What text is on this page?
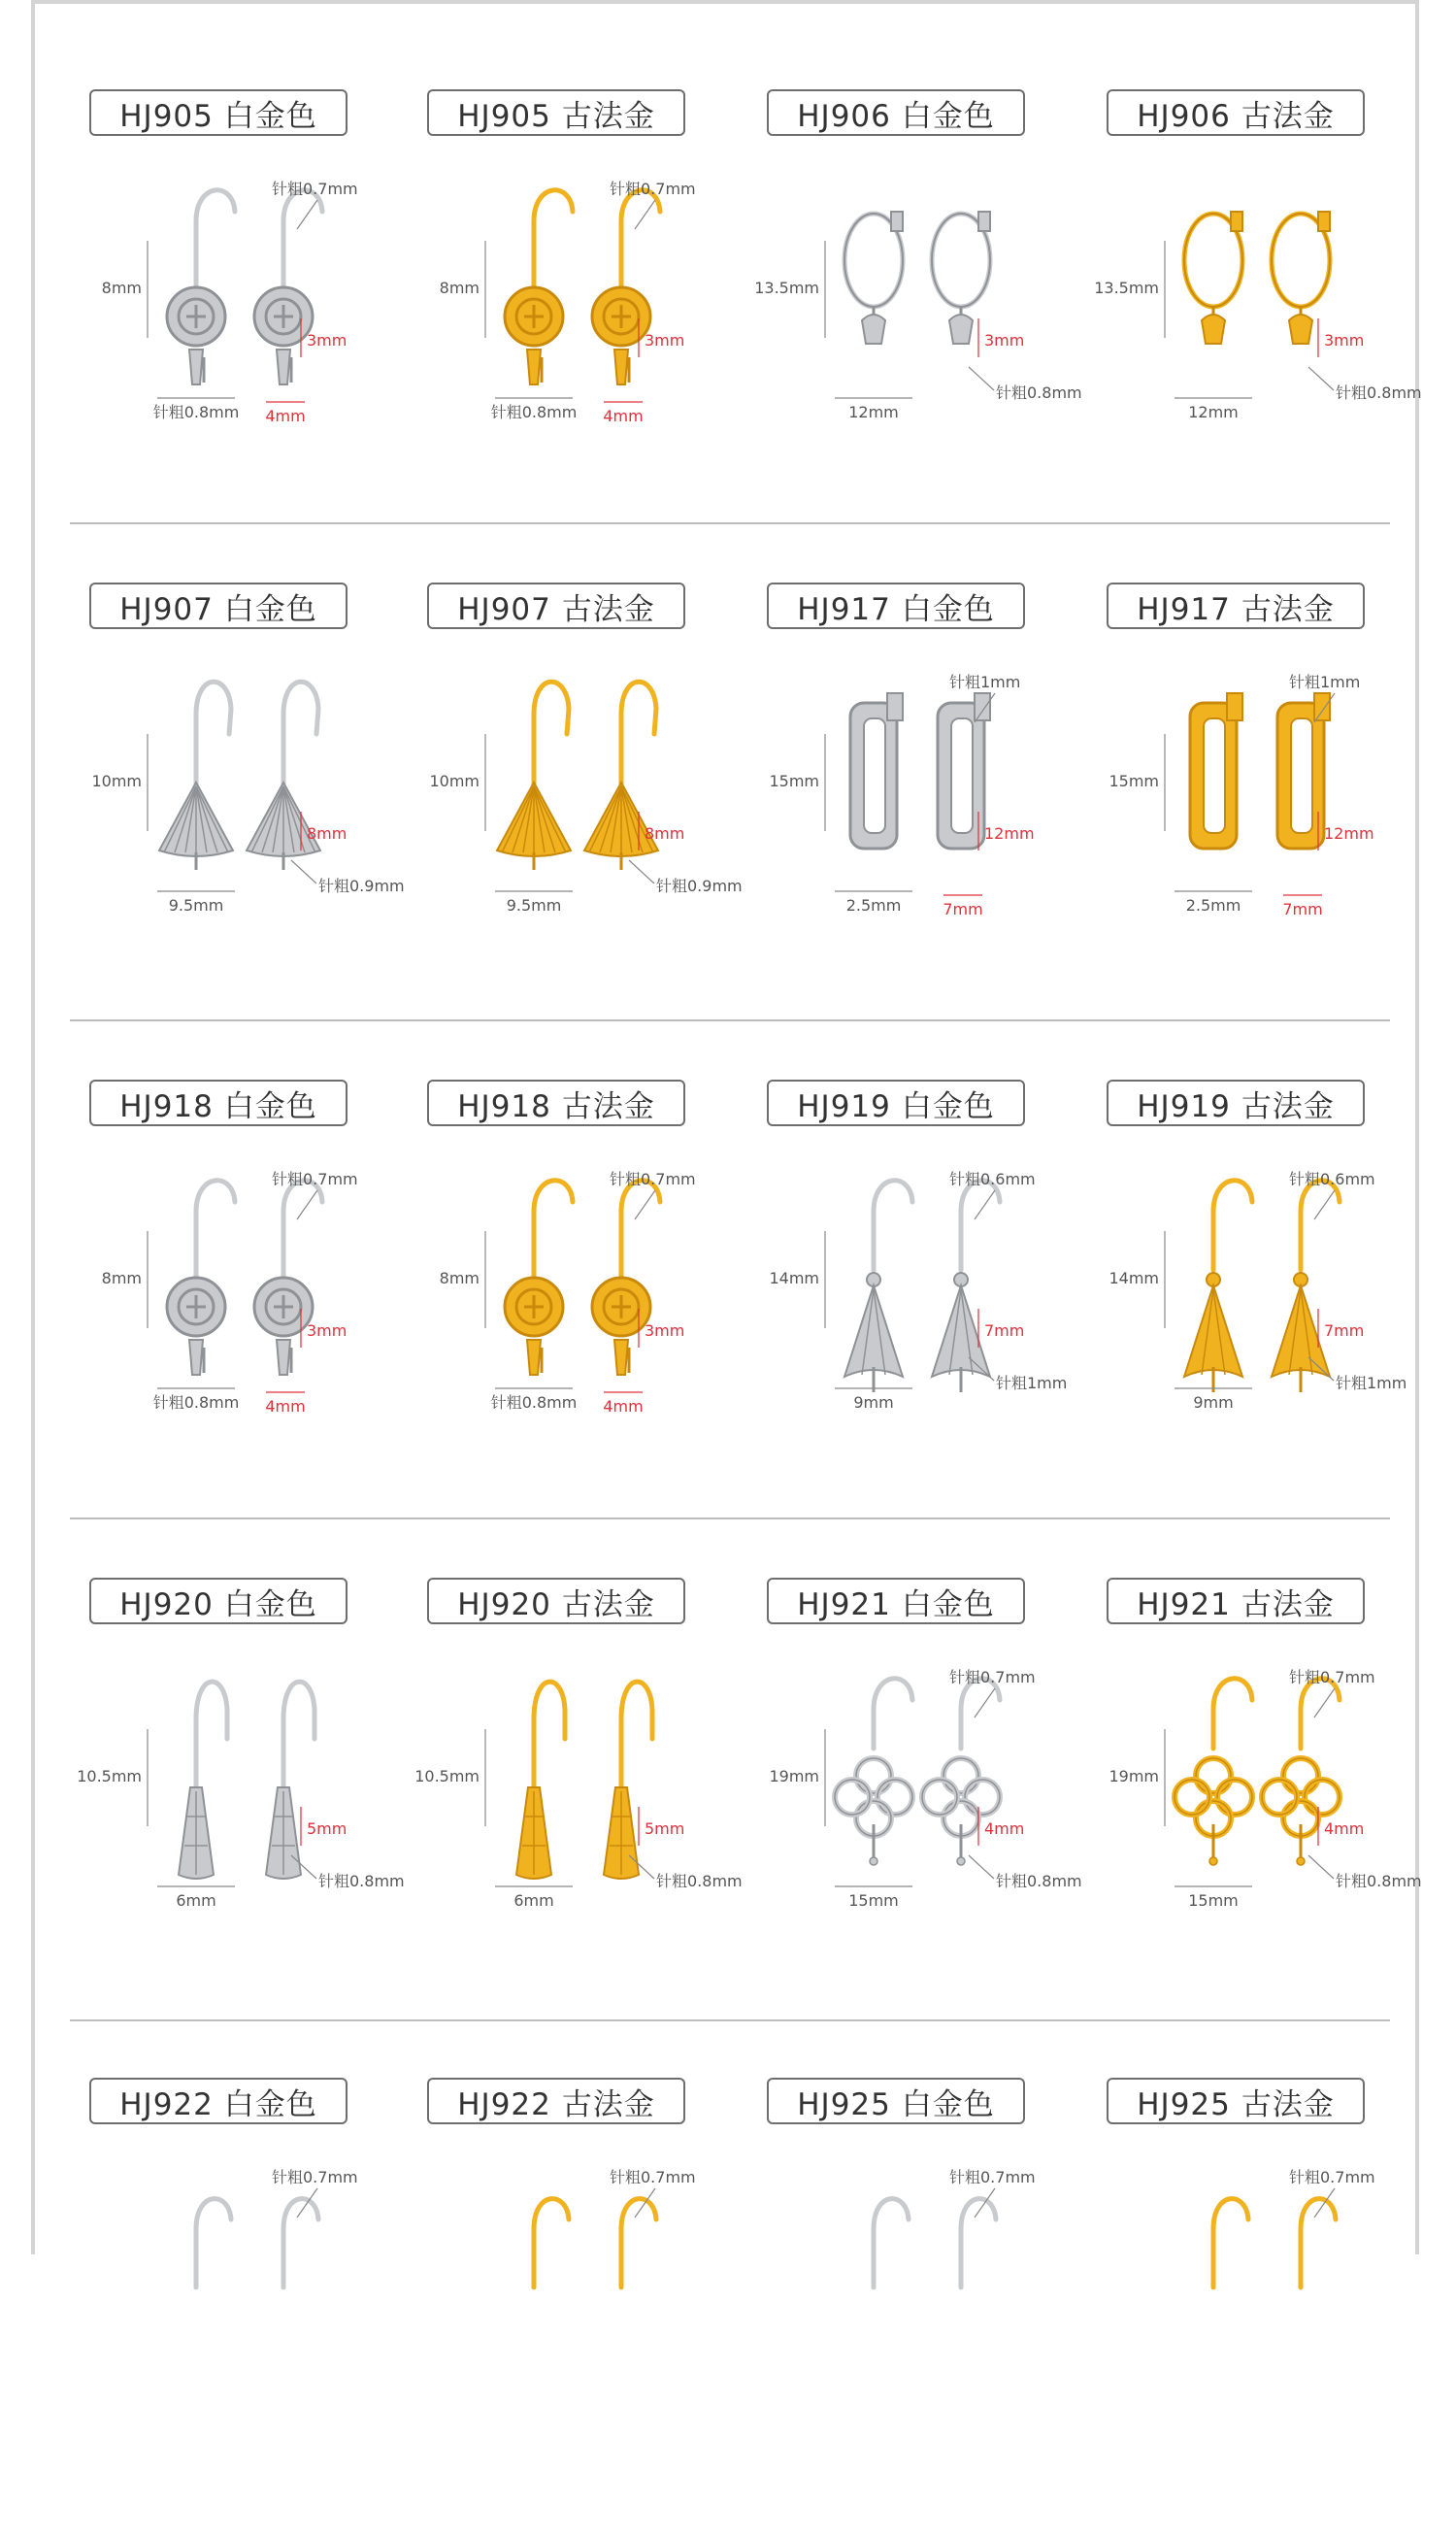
HJ905 白金色
针粗0.7mm
8mm
针粗0.8mm
3mm
4mm
HJ905 古法金
针粗0.7mm
8mm
针粗0.8mm
3mm
4mm
HJ906 白金色
13.5mm
12mm
3mm
针粗0.8mm
HJ906 古法金
13.5mm
12mm
3mm
针粗0.8mm
HJ907 白金色
10mm
9.5mm
8mm
针粗0.9mm
HJ907 古法金
10mm
9.5mm
8mm
针粗0.9mm
HJ917 白金色
针粗1mm
15mm
2.5mm
12mm
7mm
HJ917 古法金
针粗1mm
15mm
2.5mm
12mm
7mm
HJ918 白金色
针粗0.7mm
8mm
针粗0.8mm
3mm
4mm
HJ918 古法金
针粗0.7mm
8mm
针粗0.8mm
3mm
4mm
HJ919 白金色
针粗0.6mm
14mm
9mm
7mm
针粗1mm
HJ919 古法金
针粗0.6mm
14mm
9mm
7mm
针粗1mm
HJ920 白金色
10.5mm
6mm
5mm
针粗0.8mm
HJ920 古法金
10.5mm
6mm
5mm
针粗0.8mm
HJ921 白金色
针粗0.7mm
19mm
15mm
4mm
针粗0.8mm
HJ921 古法金
针粗0.7mm
19mm
15mm
4mm
针粗0.8mm
HJ922 白金色
针粗0.7mm
HJ922 古法金
针粗0.7mm
HJ925 白金色
针粗0.7mm
HJ925 古法金
针粗0.7mm
